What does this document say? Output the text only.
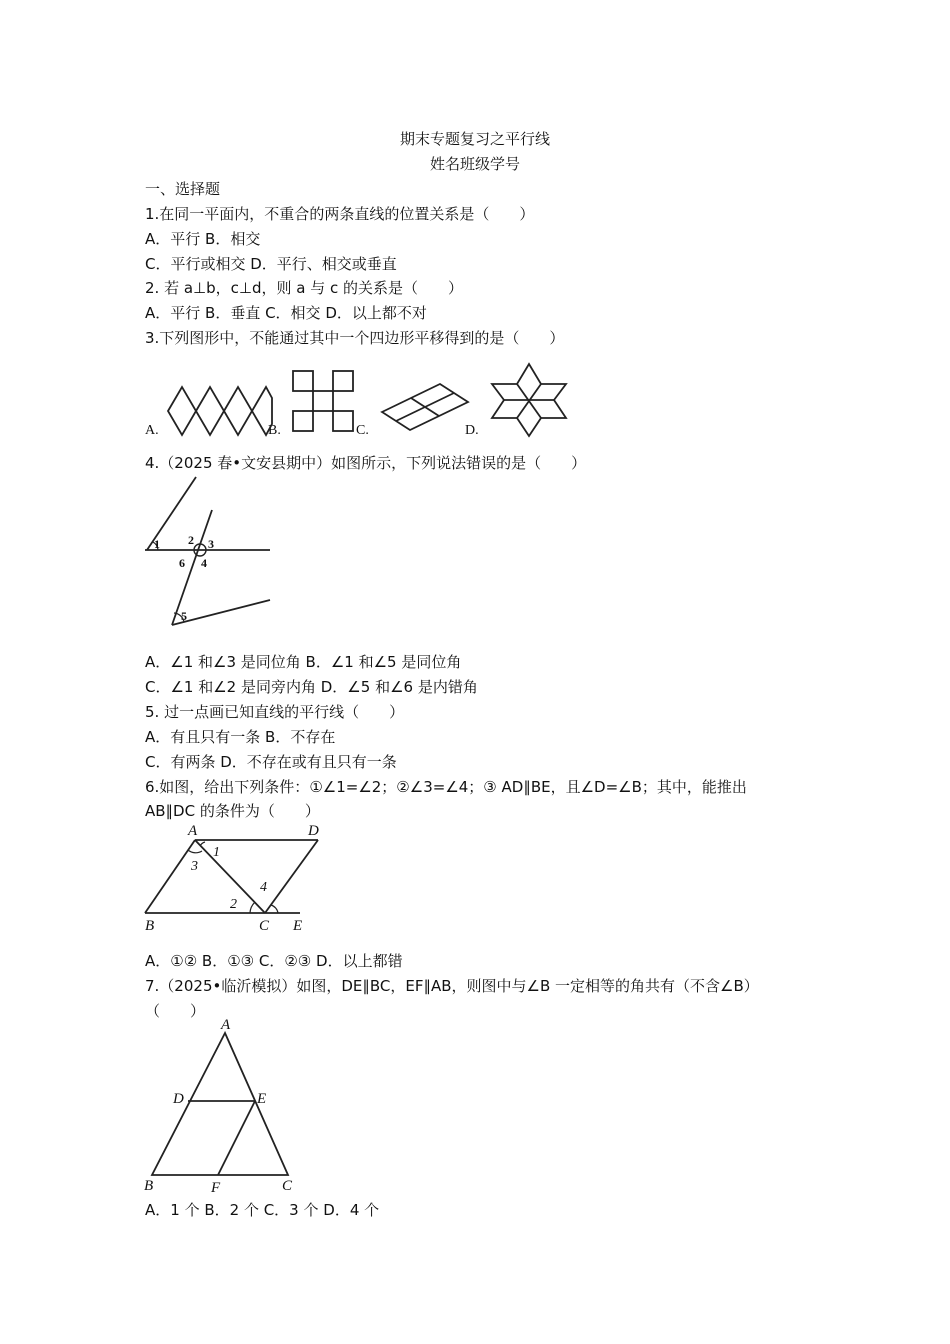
期末专题复习之平行线
姓名班级学号
一、选择题
1.在同一平面内，不重合的两条直线的位置关系是（　　）
A．平行 B．相交
C．平行或相交 D．平行、相交或垂直
2. 若 a⊥b，c⊥d，则 a 与 c 的关系是（　　）
A．平行 B．垂直 C．相交 D．以上都不对
3.下列图形中，不能通过其中一个四边形平移得到的是（　　）
A.	B.	C.	D.
4.（2025 春•文安县期中）如图所示，下列说法错误的是（　　）
1 2 3
4
5
6
A．∠1 和∠3 是同位角 B．∠1 和∠5 是同位角
C．∠1 和∠2 是同旁内角 D．∠5 和∠6 是内错角
5. 过一点画已知直线的平行线（　　）
A．有且只有一条 B．不存在
C．有两条 D．不存在或有且只有一条
6.如图，给出下列条件：①∠1=∠2；②∠3=∠4；③ AD∥BE，且∠D=∠B；其中，能推出
AB∥DC 的条件为（　　）
A	D
B	C E
1
3
2
4
A．①② B．①③ C．②③ D．以上都错
7.（2025•临沂模拟）如图，DE∥BC，EF∥AB，则图中与∠B 一定相等的角共有（不含∠B）
（　　）
A
D	E
B	F	C
A．1 个 B．2 个 C．3 个 D．4 个
